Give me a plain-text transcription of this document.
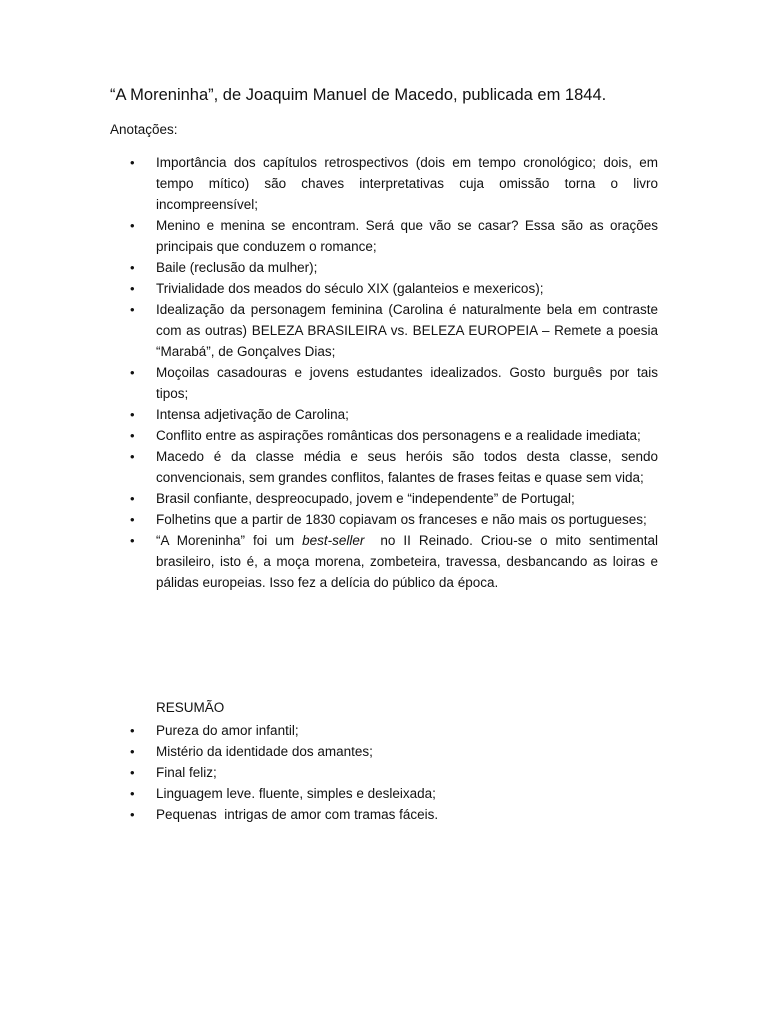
“A Moreninha”, de Joaquim Manuel de Macedo, publicada em 1844.
Anotações:
• Importância dos capítulos retrospectivos (dois em tempo cronológico; dois, em tempo mítico) são chaves interpretativas cuja omissão torna o livro incompreensível;
• Menino e menina se encontram. Será que vão se casar? Essa são as orações principais que conduzem o romance;
• Baile (reclusão da mulher);
• Trivialidade dos meados do século XIX (galanteios e mexericos);
• Idealização da personagem feminina (Carolina é naturalmente bela em contraste com as outras) BELEZA BRASILEIRA vs. BELEZA EUROPEIA – Remete a poesia “Marabá”, de Gonçalves Dias;
• Moçoilas casadouras e jovens estudantes idealizados. Gosto burguês por tais tipos;
• Intensa adjetivação de Carolina;
• Conflito entre as aspirações românticas dos personagens e a realidade imediata;
• Macedo é da classe média e seus heróis são todos desta classe, sendo convencionais, sem grandes conflitos, falantes de frases feitas e quase sem vida;
• Brasil confiante, despreocupado, jovem e “independente” de Portugal;
• Folhetins que a partir de 1830 copiavam os franceses e não mais os portugueses;
• “A Moreninha” foi um best-seller  no II Reinado. Criou-se o mito sentimental brasileiro, isto é, a moça morena, zombeteira, travessa, desbancando as loiras e pálidas europeias. Isso fez a delícia do público da época.
RESUMÃO
• Pureza do amor infantil;
• Mistério da identidade dos amantes;
• Final feliz;
• Linguagem leve. fluente, simples e desleixada;
• Pequenas  intrigas de amor com tramas fáceis.
